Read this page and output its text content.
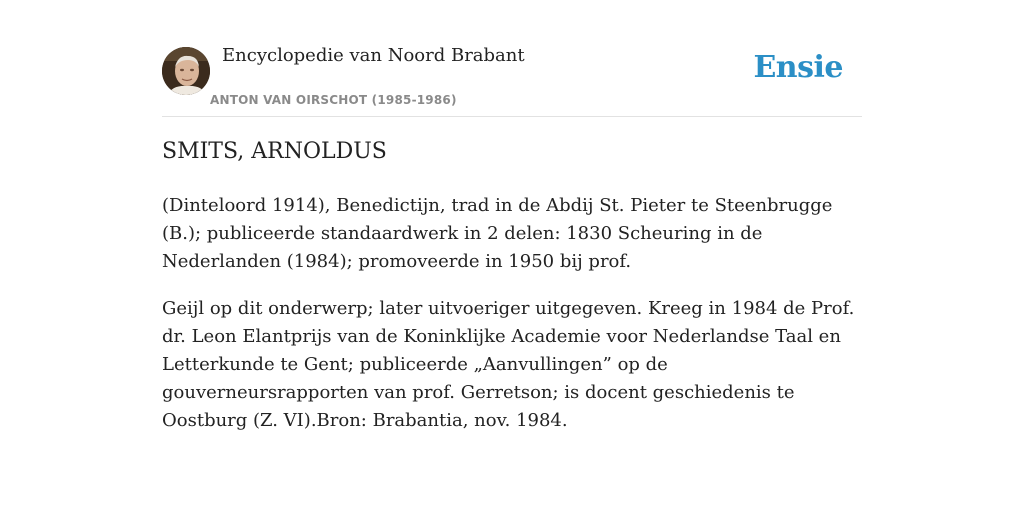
Encyclopedie van Noord Brabant
ANTON VAN OIRSCHOT (1985-1986)
Ensie
SMITS, ARNOLDUS

(Dinteloord 1914), Benedictijn, trad in de Abdij St. Pieter te Steenbrugge (B.); publiceerde standaardwerk in 2 delen: 1830 Scheuring in de Nederlanden (1984); promoveerde in 1950 bij prof.

Geijl op dit onderwerp; later uitvoeriger uitgegeven. Kreeg in 1984 de Prof. dr. Leon Elantprijs van de Koninklijke Academie voor Nederlandse Taal en Letterkunde te Gent; publiceerde „Aanvullingen” op de gouverneursrapporten van prof. Gerretson; is docent geschiedenis te Oostburg (Z. VI).Bron: Brabantia, nov. 1984.
